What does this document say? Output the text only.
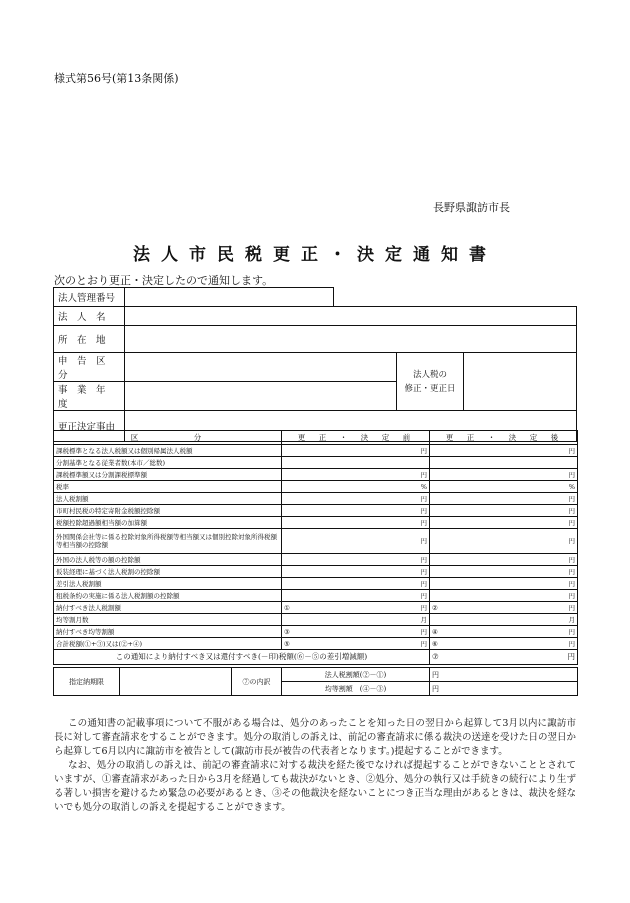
様式第56号(第13条関係)
長野県諏訪市長
法人市民税更正・決定通知書
次のとおり更正・決定したので通知します。
法人管理番号				
法　人　名				
所　在　地				
申　告　区　分			法人税の
修正・更正日	
事　業　年　度				
更正決定事由				
区　　　　　分	更　正　・　決　定　前	更　正　・　決　定　後
課税標準となる法人税額又は個別帰属法人税額	円	円

分割基準となる従業者数(本市／総数)		
課税標準額又は分割課税標準額	円	円

税率	%	%

法人税割額	円	円

市町村民税の特定寄附金税額控除額	円	円

税額控除超過額相当額の加算額	円	円

外国関係会社等に係る控除対象所得税額等相当額又は個別控除対象所得税額等相当額の控除額	円	円

外国の法人税等の額の控除額	円	円

仮装経理に基づく法人税割の控除額	円	円

差引法人税割額	円	円

租税条約の実施に係る法人税割額の控除額	円	円

納付すべき法人税割額	① 円	② 円

均等割月数	月	月

納付すべき均等割額	③ 円	④ 円

合計税額(①+③)又は(②+④)	⑤ 円	⑥ 円

この通知により納付すべき又は還付すべき(－印)税額(⑥－⑤の差引増減額)		⑦ 円
指定納期限		⑦の内訳	法人税割額(②－①)	円
			均等割額　(④－③)	円

この通知書の記載事項について不服がある場合は、処分のあったことを知った日の翌日から起算して3月以内に諏訪市長に対して審査請求をすることができます。処分の取消しの訴えは、前記の審査請求に係る裁決の送達を受けた日の翌日から起算して6月以内に諏訪市を被告として(諏訪市長が被告の代表者となります。)提起することができます。

なお、処分の取消しの訴えは、前記の審査請求に対する裁決を経た後でなければ提起することができないこととされていますが、①審査請求があった日から3月を経過しても裁決がないとき、②処分、処分の執行又は手続きの続行により生ずる著しい損害を避けるため緊急の必要があるとき、③その他裁決を経ないことにつき正当な理由があるときは、裁決を経ないでも処分の取消しの訴えを提起することができます。
